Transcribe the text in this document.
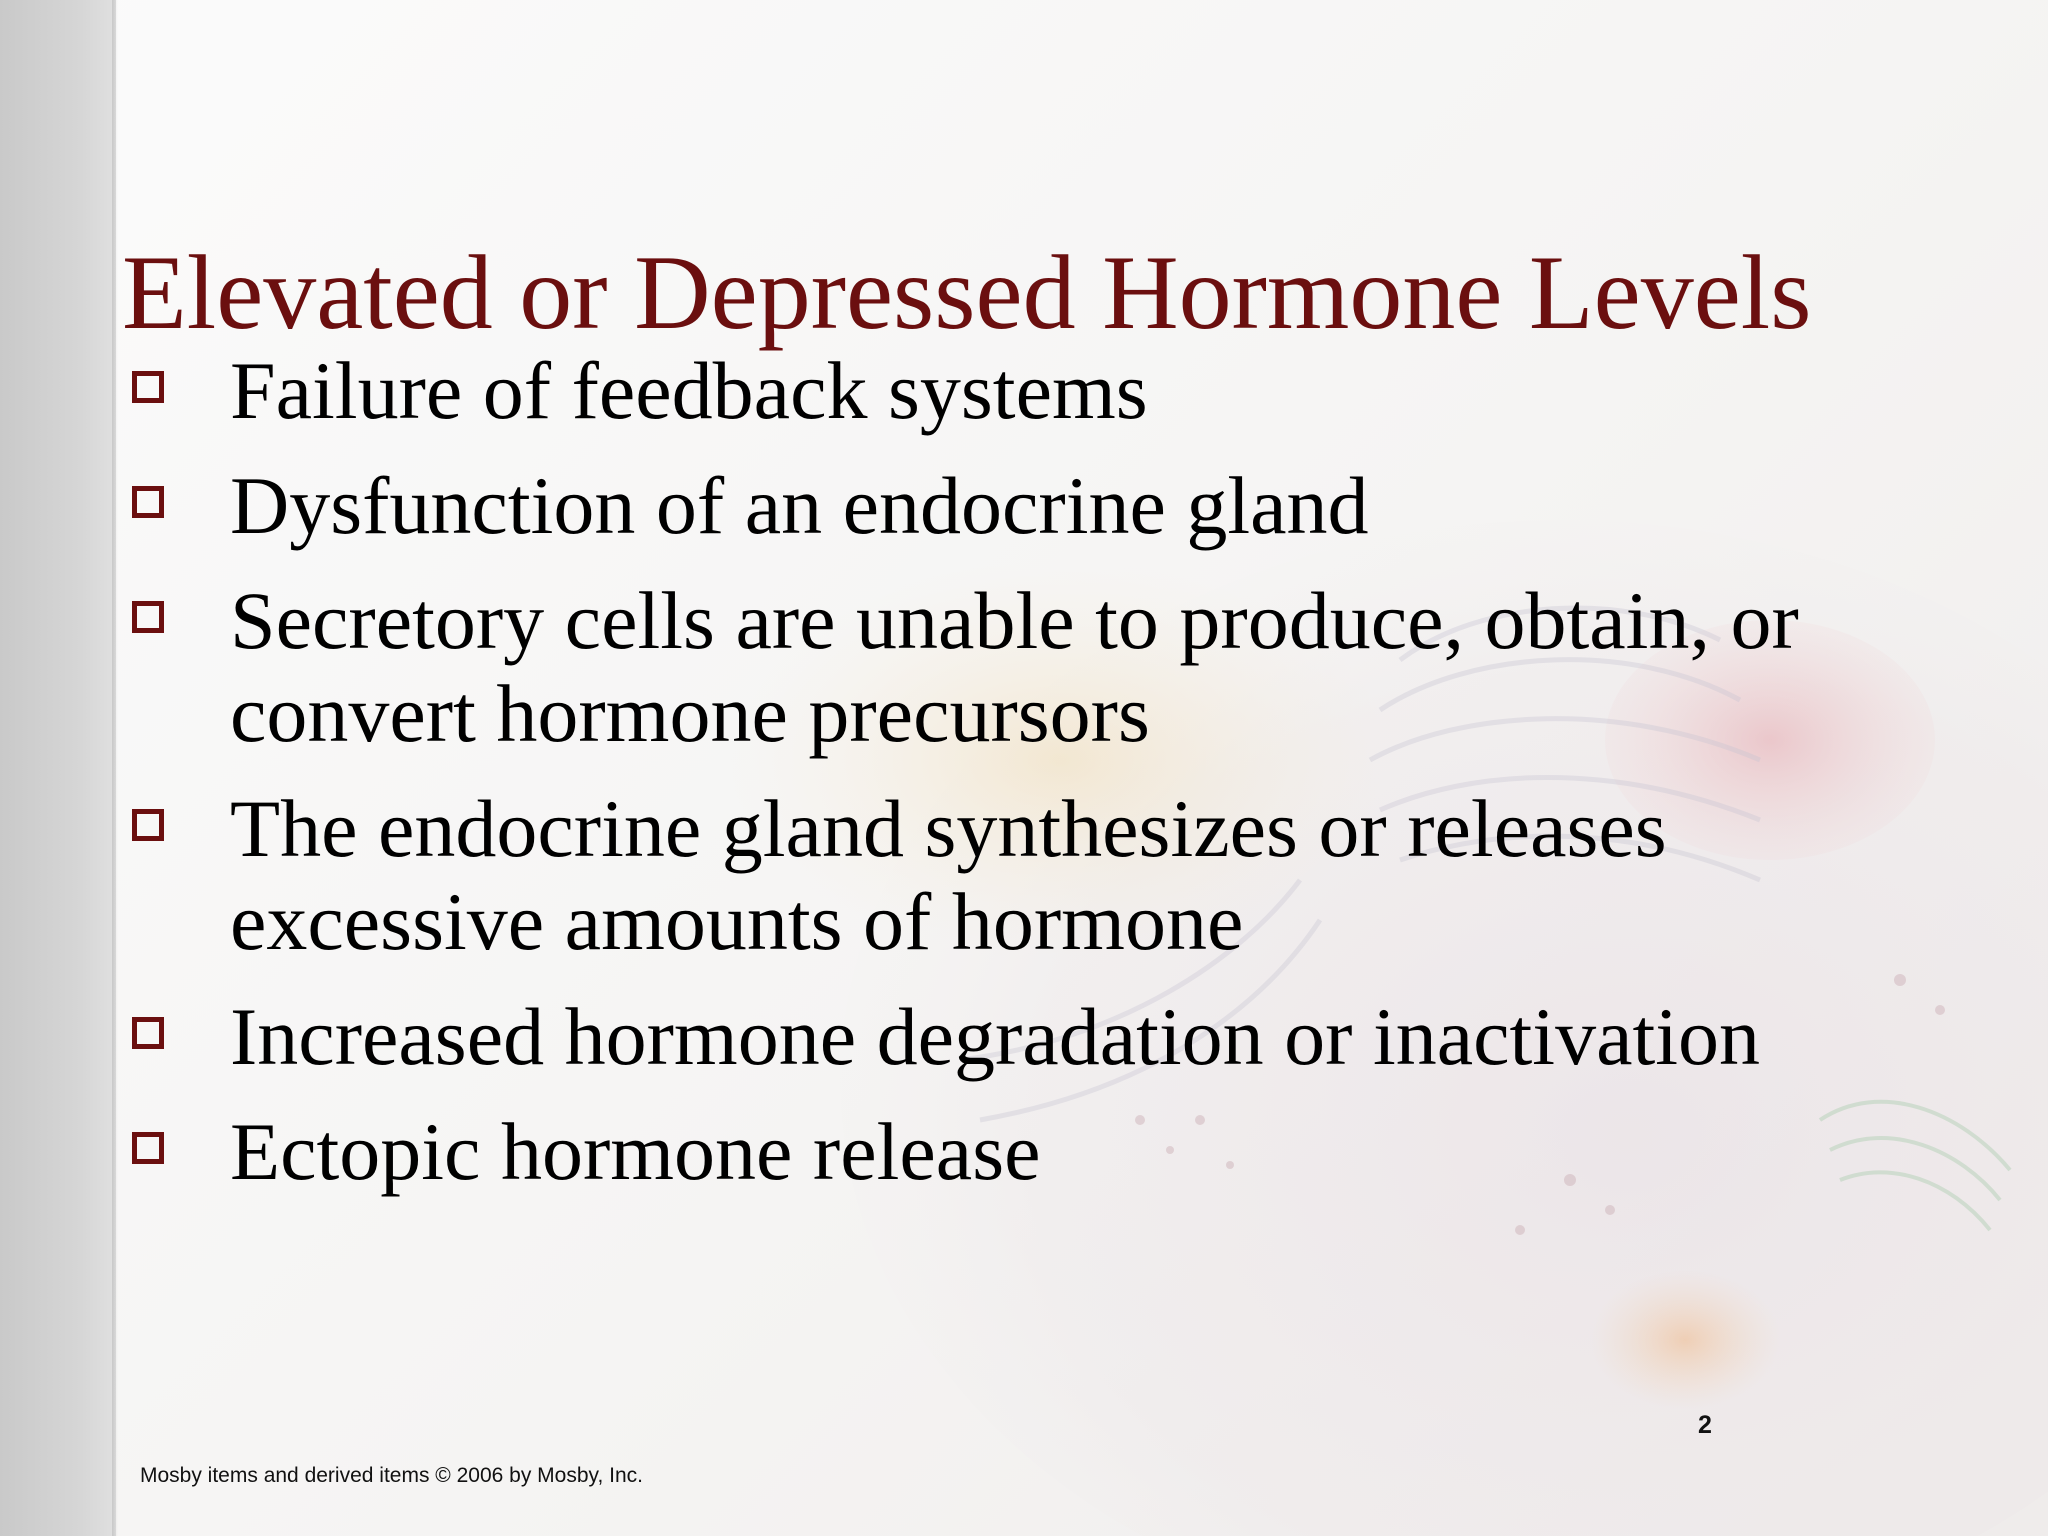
Elevated or Depressed Hormone Levels
Failure of feedback systems
Dysfunction of an endocrine gland
Secretory cells are unable to produce, obtain, or convert hormone precursors
The endocrine gland synthesizes or releases excessive amounts of hormone
Increased hormone degradation or inactivation
Ectopic hormone release
2
Mosby items and derived items © 2006 by Mosby, Inc.
